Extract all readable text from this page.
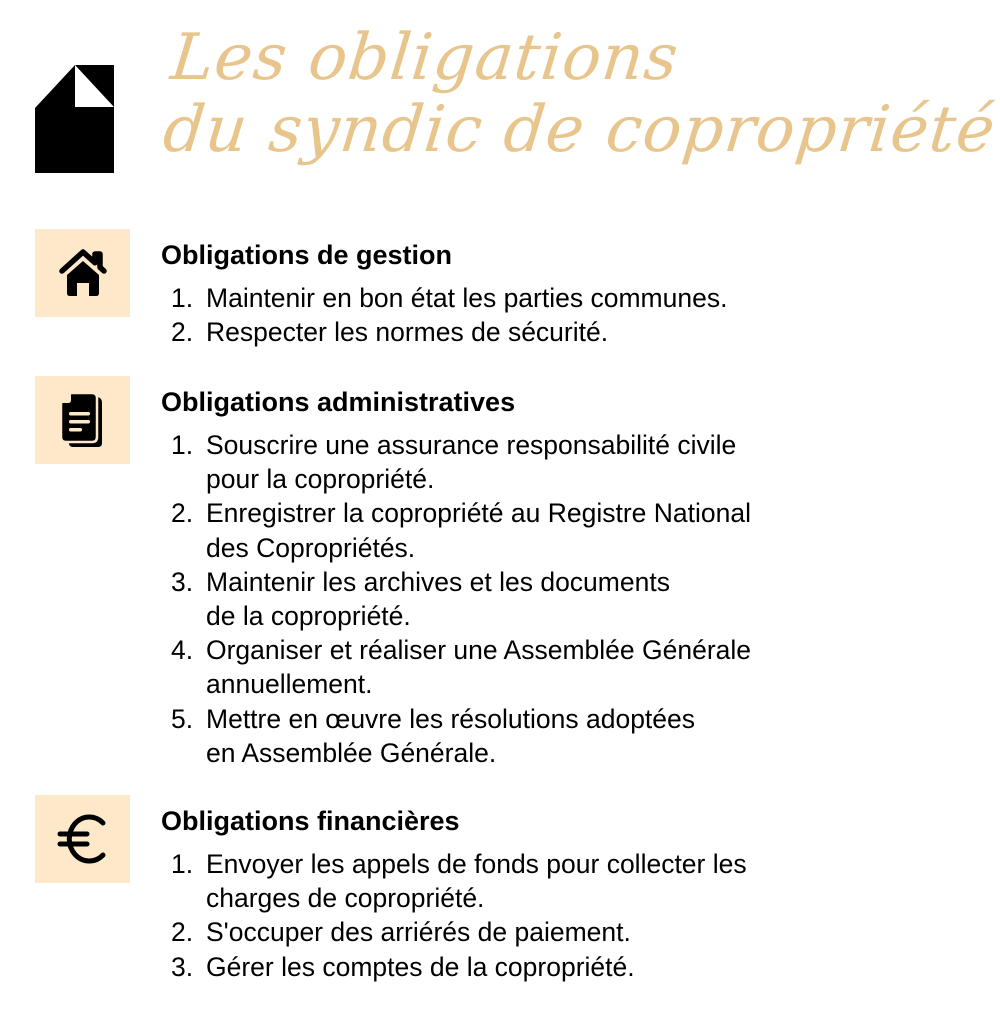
Les obligations
du syndic de copropriété
Obligations de gestion
1. Maintenir en bon état les parties communes.
2. Respecter les normes de sécurité.
Obligations administratives
1. Souscrire une assurance responsabilité civile
pour la copropriété.
2. Enregistrer la copropriété au Registre National
des Copropriétés.
3. Maintenir les archives et les documents
de la copropriété.
4. Organiser et réaliser une Assemblée Générale
annuellement.
5. Mettre en œuvre les résolutions adoptées
en Assemblée Générale.
Obligations financières
1. Envoyer les appels de fonds pour collecter les
charges de copropriété.
2. S'occuper des arriérés de paiement.
3. Gérer les comptes de la copropriété.
